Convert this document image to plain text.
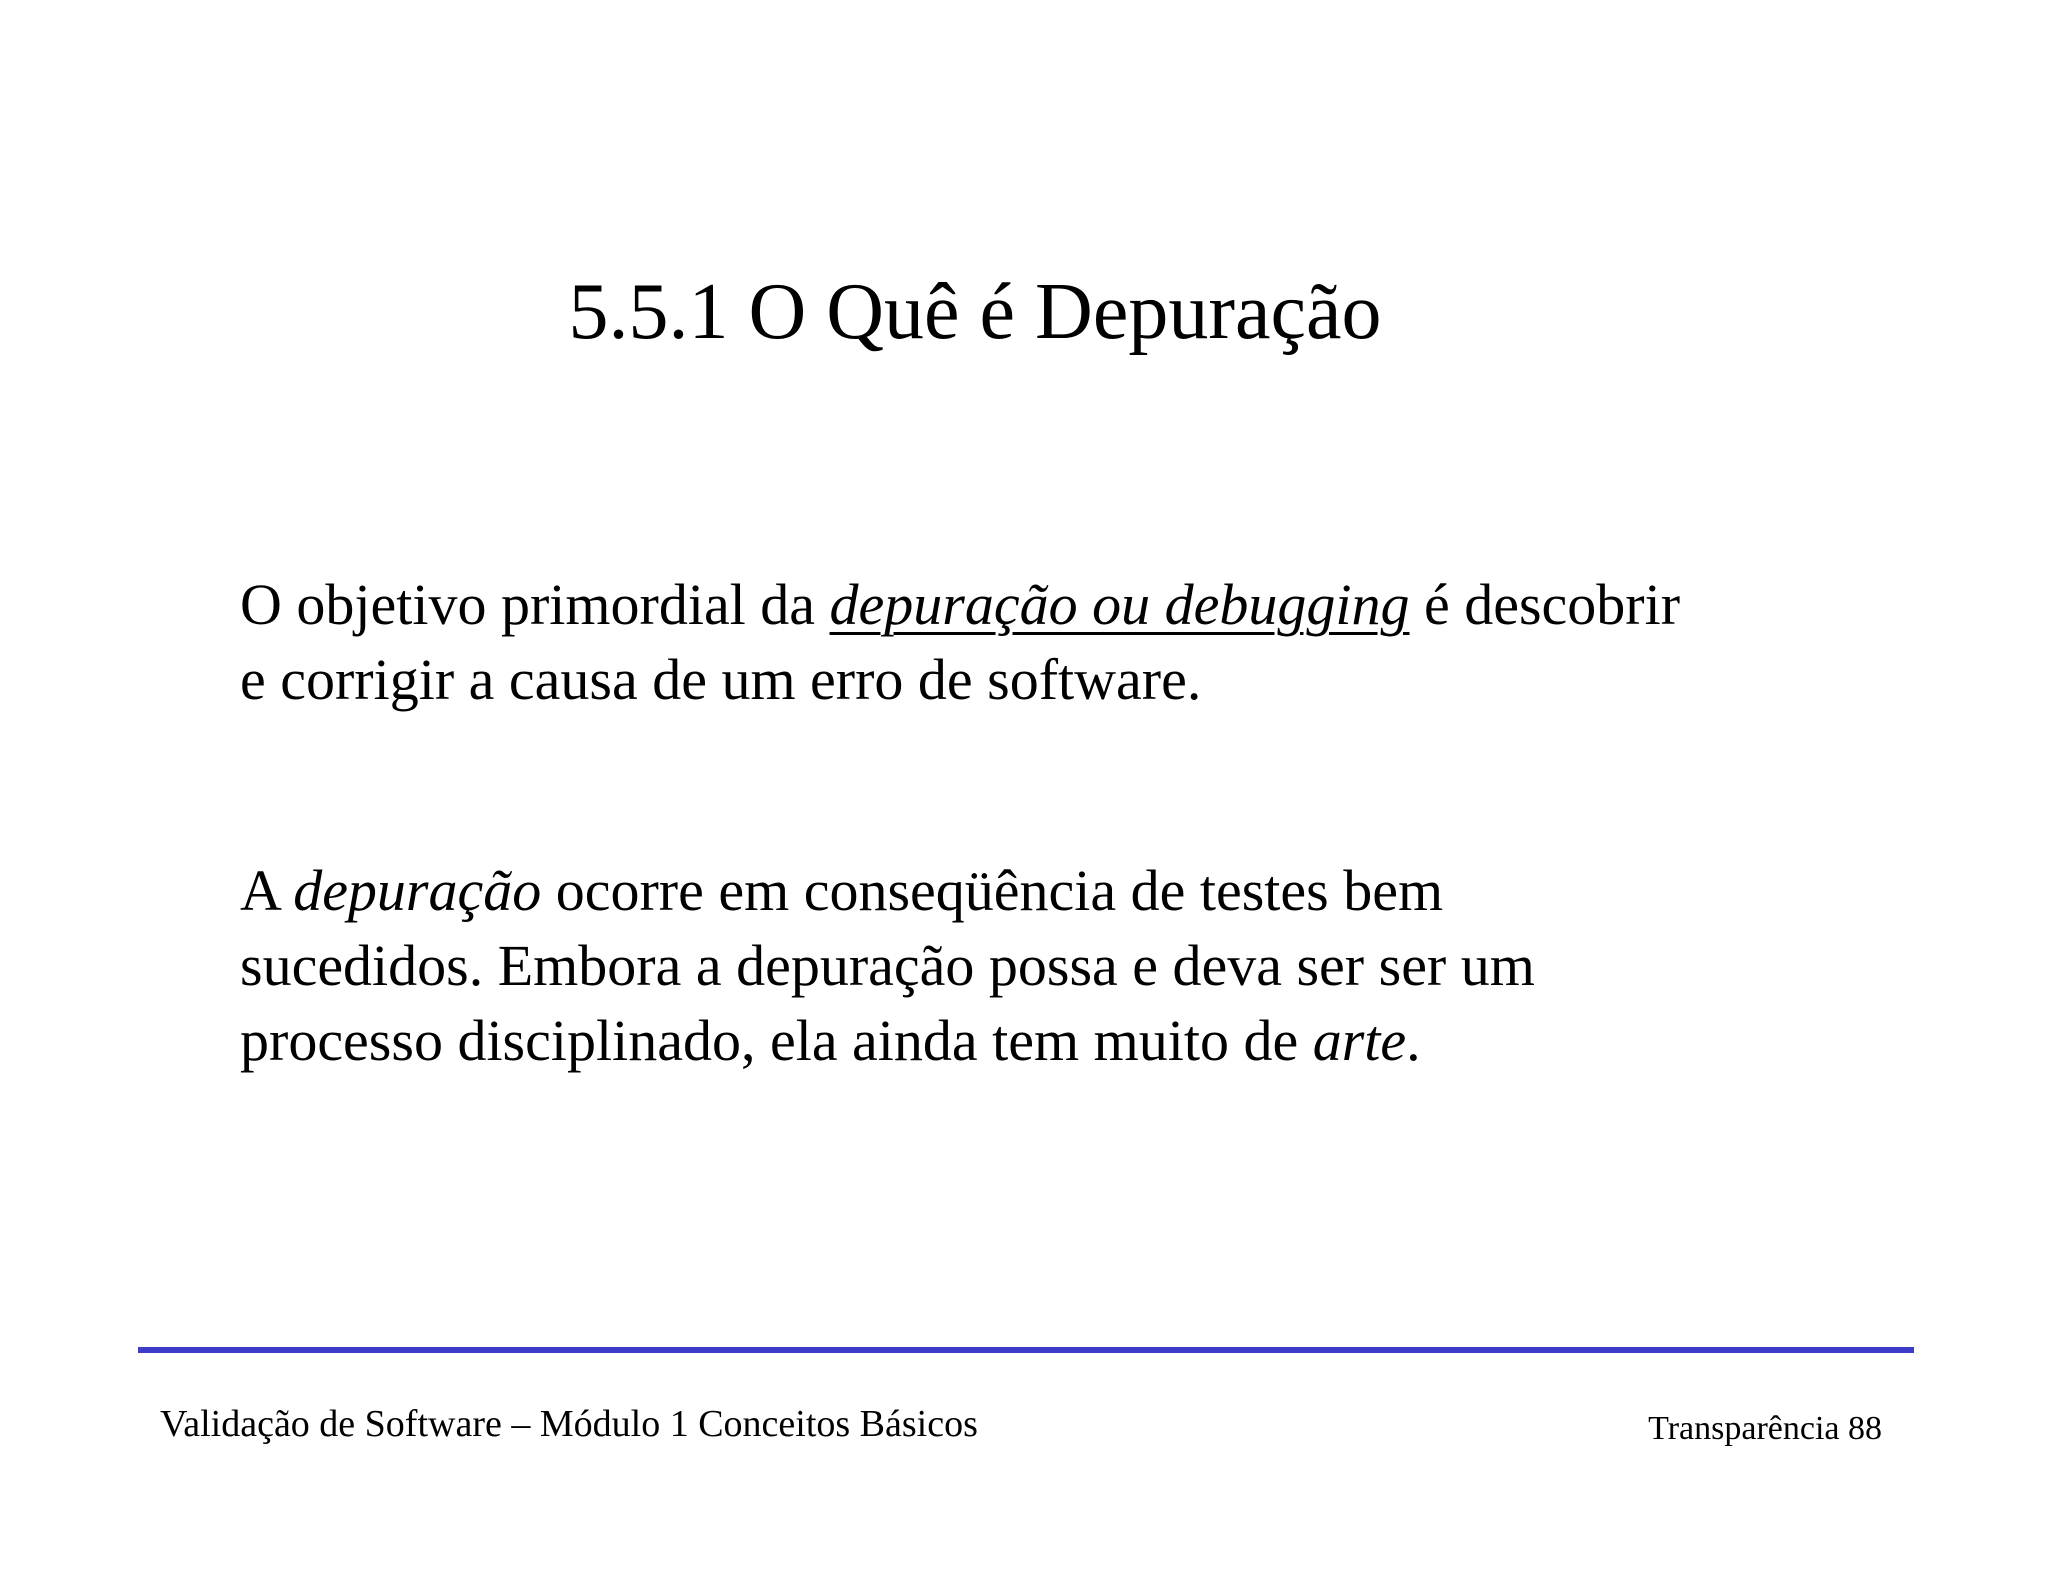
5.5.1 O Quê é Depuração
O objetivo primordial da depuração ou debugging é descobrir
e corrigir a causa de um erro de software.
A depuração ocorre em conseqüência de testes bem
sucedidos. Embora a depuração possa e deva ser ser um
processo disciplinado, ela ainda tem muito de arte.
Validação de Software – Módulo 1 Conceitos Básicos	Transparência 88
